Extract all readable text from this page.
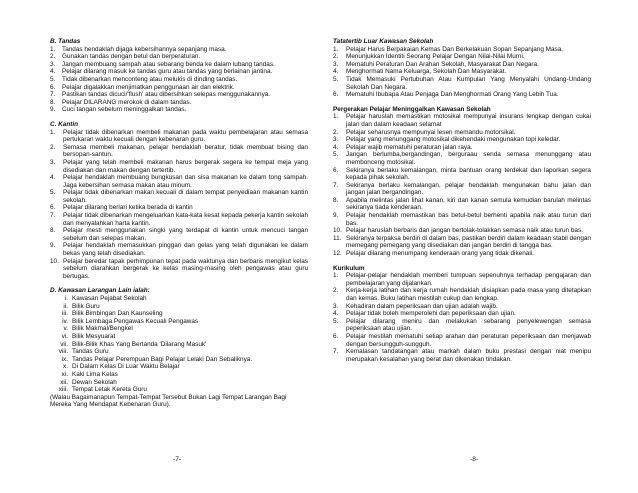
B. Tandas
1.	Tandas hendaklah dijaga kebersihannya sepanjang masa.
2.	Gunakan tandas dengan betul dan berperaturan.
3.	Jangan membuang sampah atau sebarang benda ke dalam lubang tandas.
4.	Pelajar dilarang masuk ke tandas guru atau tandas yang berlainan jantina.
5.	Tidak dibenarkan menconteng atau melukis di dinding tandas.
6.	Pelajar digalakkan menjimatkan penggunaan air dan elektrik.
7.	Pastikan tandas dicuci/'flush' atau dibersihkan selepas menggunakannya.
8.	Pelajar DILARANG merokok di dalam tandas.
9.	Cuci tangan sebelum meninggalkan tandas.
C. Kantin
1.	Pelajar tidak dibenarkan membeli makanan pada waktu pembelajaran atau semasa pertukaran waktu kecuali dengan kebenaran guru.
2.	Semasa membeli makanan, pelajar hendaklah beratur, tidak membuat bising dan bersopan-santun.
3.	Pelajar yang telah membeli makanan harus bergerak segera ke tempat meja yang disediakan dan makan dengan tertertib.
4.	Pelajar hendaklah membuang bungkusan dan sisa makanan ke dalam tong sampah. Jaga kebersihan semasa makan atau minum.
5.	Pelajar tidak dibenarkan makan kecuali di dalam tempat penyediaan makanan kantin sekolah.
6.	Pelajar dilarang berlari ketika berada di kantin
7.	Pelajar tidak dibenarkan mengeluarkan kata-kata kesat kepada pekerja kantin sekolah dan menyalahkan harta kantin.
8.	Pelajar mesti menggunakan singki yang terdapat di kantin untuk mencuci tangan sebelum dan selepas makan.
9.	Pelajar hendaklah memasukkan pinggan dan gelas yang telah digunakan ke dalam bekas yang telah disediakan.
10. Pelajar beredar tapak perhimpunan tepat pada waktunya dan berbaris mengikut kelas sebelum diarahkan bergerak ke kelas masing-masing oleh pengawas atau guru bertugas.
D. Kawasan Larangan Lain ialah:
i. Kawasan Pejabat Sekolah
ii. Bilik Guru
iii. Bilik Bimbingan Dan Kaunseling
iv. Bilik Lembaga Pengawas Kecuali Pengawas
v. Bilik Makmal/Bengkel
vi. Bilik Mesyuarat
vii. Bilik-Bilik Khas Yang Bertanda 'Dilarang Masuk'
viii. Tandas Guru
ix. Tandas Pelajar Perempuan Bagi Pelajar Lelaki Dan Sebaliknya.
x. Di Dalam Kelas Di Luar Waktu Belajar
xi. Kaki Lima Kelas
xii. Dewan Sekolah
xiii. Tempat Letak Kereta Guru
(Walau Bagaimanapun Tempat-Tempat Tersebut Bukan Lagi Tempat Larangan Bagi Mereka Yang Mendapat Kebenaran Guru).
Tatatertib Luar Kawasan Sekolah
1.	Pelajar Harus Berpakaian Kemas Dan Berkelakuan Sopan Sepanjang Masa.
2.	Menunjukkan Identiti Seorang Pelajar Dengan Nilai-Nilai Murni.
3.	Mematuhi Peraturan Dan Arahan Sekolah, Masyarakat Dan Negara.
4.	Menghormati Nama Keluarga, Sekolah Dan Masyarakat.
5.	Tidak Memasuki Pertubuhan Atau Kumpulan Yang Menyalahi Undang-Undang Sekolah Dan Negara.
6.	Mematuhi Ibubapa Atau Penjaga Dan Menghormati Orang Yang Lebih Tua.
Pergerakan Pelajar Meninggalkan Kawasan Sekolah
1.	Pelajar haruslah memastikan motosikal mempunyai insurans lengkap dengan cukai jalan dan dalam keadaan selamat
2.	Pelajar seharusnya mempunyai lesen memandu motorsikal.
3.	Pelajar yang menunggang motosikal dikehendaki mengunakan topi keledar.
4.	Pelajar wajib mematuhi peraturan jalan raya.
5.	Jangan berlumba,bergandingan, berguraau senda semasa menunggang atau membonceng motosikal.
6.	Sekiranya berlaku kemalangan, minta bantuan orang terdekat dan laporkan segera kepada pihak sekolah.
7.	Sekiranya berlaku kemalangan, pelajar hendaklah mengunakan bahu jalan dan jangan jalan bergandingan.
8.	Apabila melintas jalan lihat kanan, kiri dan kanan semula kemudian barulah melintas sekiranya tiada kenderaan.
9.	Pelajar hendaklah memastikan bas betul-betul berhenti apabila naik atau turun dari bas.
10. Pelajar haruslah berbaris dan jangan bertolak-tolakkan semasa naik atau turun bas.
11. Sekiranya terpaksa berdiri di dalam bas, pastikan berdiri dalam keadaan stabil dengan memegang pemegang yang disediakan dan jangan berdiri di tangga bas.
12. Pelajar dilarang menumpang kenderaan orang yang tidak dikenali.
Kurikulum
1.	Pelajar-pelajar hendaklah memberi tumpuan sepenuhnya terhadap pengajaran dan pembelajaran yang dijalankan.
2.	Kerja-kerja latihan dan kerja rumah hendaklah disiapkan pada masa yang ditetapkan dan kemas. Buku latihan mestilah cukup dan lengkap.
3.	Kehadiran dalam peperiksaan dan ujian adalah wajib.
4.	Pelajar tidak boleh memperolehi dan peperiksaan dan ujian.
5.	Pelajar dilarang meniru dan melakukan sebarang penyelewengan semasa peperiksaan atau ujian.
6.	Pelajar mestilah mematuhi setiap arahan dan peraturan peperiksaan dan menjawab dengan bersungguh-sungguh.
7.	Kemalasan tandatangan atau markah dalam buku prestasi dengan niat menipu merupakan kesalahan yang berat dan dikenakan tindakan.
-7-	-8-
